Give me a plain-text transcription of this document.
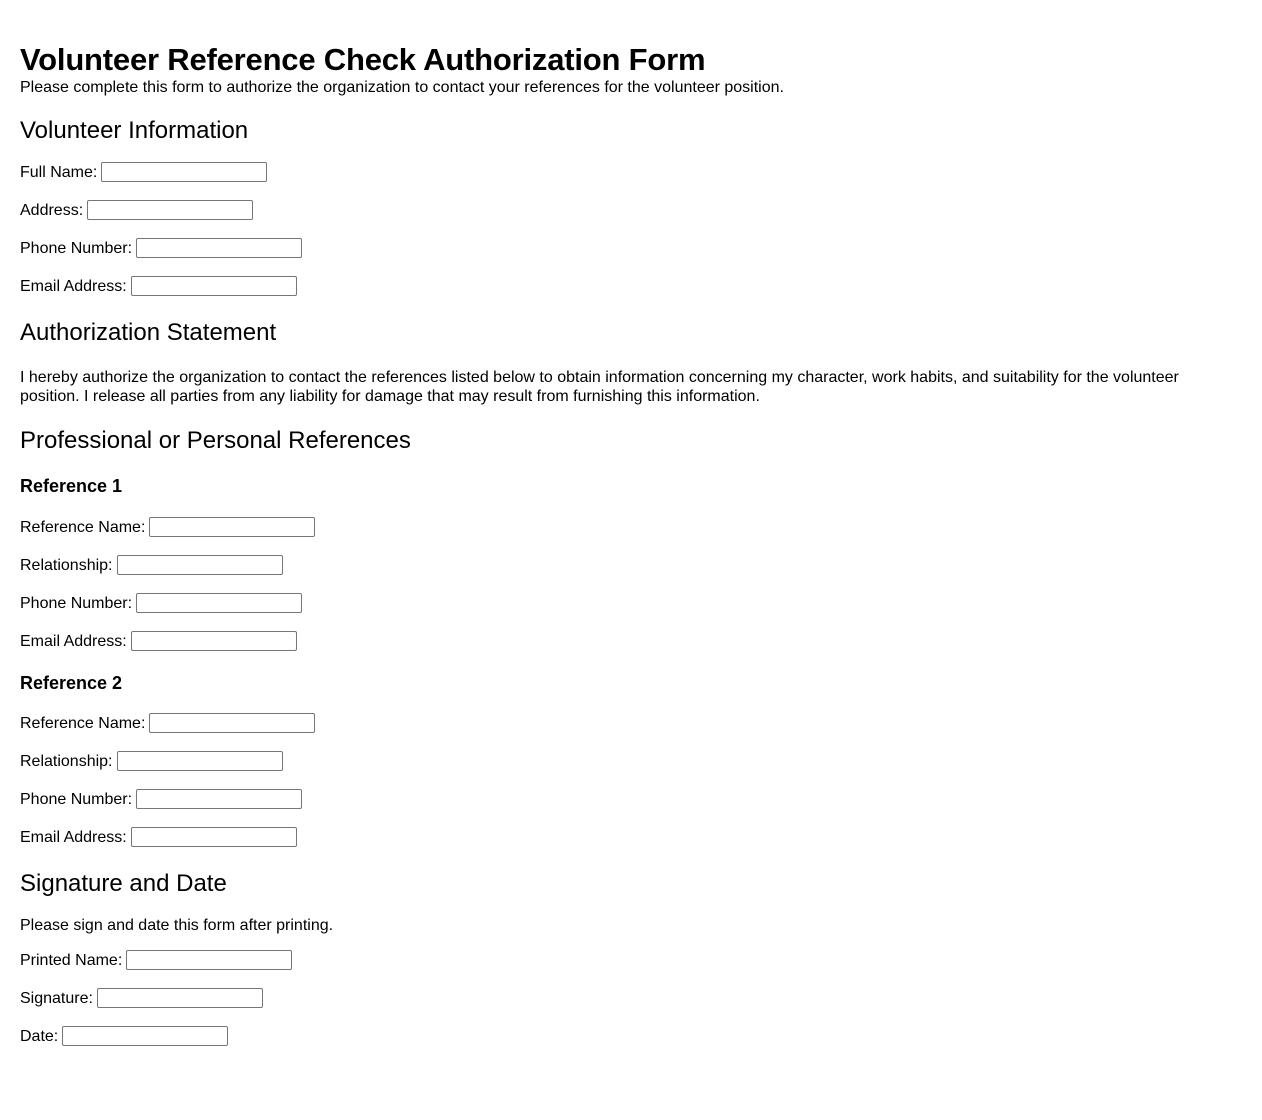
Volunteer Reference Check Authorization Form

Please complete this form to authorize the organization to contact your references for the volunteer position.

Volunteer Information
Full Name:
Address:
Phone Number:
Email Address:
Authorization Statement

I hereby authorize the organization to contact the references listed below to obtain information concerning my character, work habits, and suitability for the volunteer position. I release all parties from any liability for damage that may result from furnishing this information.

Professional or Personal References
Reference 1
Reference Name:
Relationship:
Phone Number:
Email Address:
Reference 2
Reference Name:
Relationship:
Phone Number:
Email Address:
Signature and Date

Please sign and date this form after printing.

Printed Name:
Signature:
Date:
